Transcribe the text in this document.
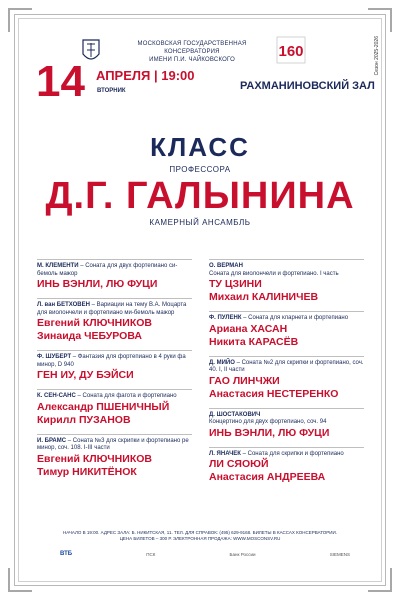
МОСКОВСКАЯ ГОСУДАРСТВЕННАЯ КОНСЕРВАТОРИЯ
ИМЕНИ П.И. ЧАЙКОВСКОГО	160	Сезон 2025-2026
14 АПРЕЛЯ | 19:00
ВТОРНИК	РАХМАНИНОВСКИЙ ЗАЛ
КЛАСС
ПРОФЕССОРА
Д.Г. ГАЛЫНИНА
КАМЕРНЫЙ АНСАМБЛЬ
М. КЛЕМЕНТИ – Соната для двух фортепиано си-бемоль мажор
ИНЬ ВЭНЛИ, ЛЮ ФУЦИ
Л. ван БЕТХОВЕН – Вариации на тему В.А. Моцарта для виолончели и фортепиано ми-бемоль мажор
Евгений КЛЮЧНИКОВ
Зинаида ЧЕБУРОВА
Ф. ШУБЕРТ – Фантазия для фортепиано в 4 руки фа минор, D 940
ГЕН ИУ, ДУ БЭЙСИ
К. СЕН-САНС – Соната для фагота и фортепиано
Александр ПШЕНИЧНЫЙ
Кирилл ПУЗАНОВ
И. БРАМС – Соната №3 для скрипки и фортепиано ре минор, соч. 108. I-III части
Евгений КЛЮЧНИКОВ
Тимур НИКИТЁНОК
О. ВЕРМАН
Соната для виолончели и фортепиано. I часть
ТУ ЦЗИНИ
Михаил КАЛИНИЧЕВ
Ф. ПУЛЕНК – Соната для кларнета и фортепиано
Ариана ХАСАН
Никита КАРАСЁВ
Д. МИЙО – Соната №2 для скрипки и фортепиано, соч. 40. I, II части
ГАО ЛИНЧЖИ
Анастасия НЕСТЕРЕНКО
Д. ШОСТАКОВИЧ
Концертино для двух фортепиано, соч. 94
ИНЬ ВЭНЛИ, ЛЮ ФУЦИ
Л. ЯНАЧЕК – Соната для скрипки и фортепиано
ЛИ СЯОЮЙ
Анастасия АНДРЕЕВА
НАЧАЛО В 19:00. АДРЕС ЗАЛА: Б. НИКИТСКАЯ, 11. ТЕЛ. ДЛЯ СПРАВОК: (495) 629-9168. БИЛЕТЫ В КАССАХ КОНСЕРВАТОРИИ.
ЦЕНА БИЛЕТОВ – 300 Р. ЭЛЕКТРОННАЯ ПРОДАЖА: WWW.MOSCONSV.RU
ВТБ	ПСК	Банк России	SIEMENS
